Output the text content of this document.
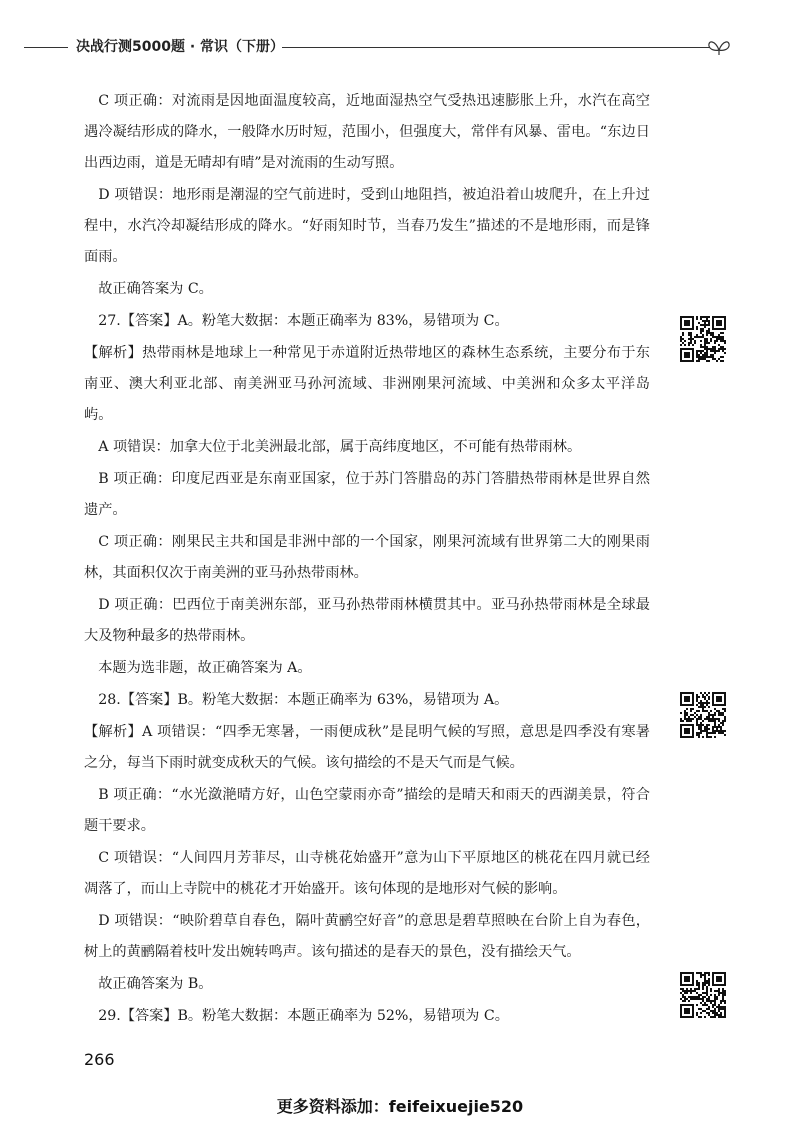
决战行测5000题 · 常识（下册）

C 项正确：对流雨是因地面温度较高，近地面湿热空气受热迅速膨胀上升，水汽在高空遇冷凝结形成的降水，一般降水历时短，范围小，但强度大，常伴有风暴、雷电。“东边日出西边雨，道是无晴却有晴”是对流雨的生动写照。

D 项错误：地形雨是潮湿的空气前进时，受到山地阻挡，被迫沿着山坡爬升，在上升过程中，水汽冷却凝结形成的降水。“好雨知时节，当春乃发生”描述的不是地形雨，而是锋面雨。

故正确答案为 C。

27.【答案】A。粉笔大数据：本题正确率为 83%，易错项为 C。

【解析】热带雨林是地球上一种常见于赤道附近热带地区的森林生态系统，主要分布于东南亚、澳大利亚北部、南美洲亚马孙河流域、非洲刚果河流域、中美洲和众多太平洋岛屿。

A 项错误：加拿大位于北美洲最北部，属于高纬度地区，不可能有热带雨林。

B 项正确：印度尼西亚是东南亚国家，位于苏门答腊岛的苏门答腊热带雨林是世界自然遗产。

C 项正确：刚果民主共和国是非洲中部的一个国家，刚果河流域有世界第二大的刚果雨林，其面积仅次于南美洲的亚马孙热带雨林。

D 项正确：巴西位于南美洲东部，亚马孙热带雨林横贯其中。亚马孙热带雨林是全球最大及物种最多的热带雨林。

本题为选非题，故正确答案为 A。

28.【答案】B。粉笔大数据：本题正确率为 63%，易错项为 A。

【解析】A 项错误：“四季无寒暑，一雨便成秋”是昆明气候的写照，意思是四季没有寒暑之分，每当下雨时就变成秋天的气候。该句描绘的不是天气而是气候。

B 项正确：“水光潋滟晴方好，山色空蒙雨亦奇”描绘的是晴天和雨天的西湖美景，符合题干要求。

C 项错误：“人间四月芳菲尽，山寺桃花始盛开”意为山下平原地区的桃花在四月就已经凋落了，而山上寺院中的桃花才开始盛开。该句体现的是地形对气候的影响。

D 项错误：“映阶碧草自春色，隔叶黄鹂空好音”的意思是碧草照映在台阶上自为春色，树上的黄鹂隔着枝叶发出婉转鸣声。该句描述的是春天的景色，没有描绘天气。

故正确答案为 B。

29.【答案】B。粉笔大数据：本题正确率为 52%，易错项为 C。

266
更多资料添加：feifeixuejie520
